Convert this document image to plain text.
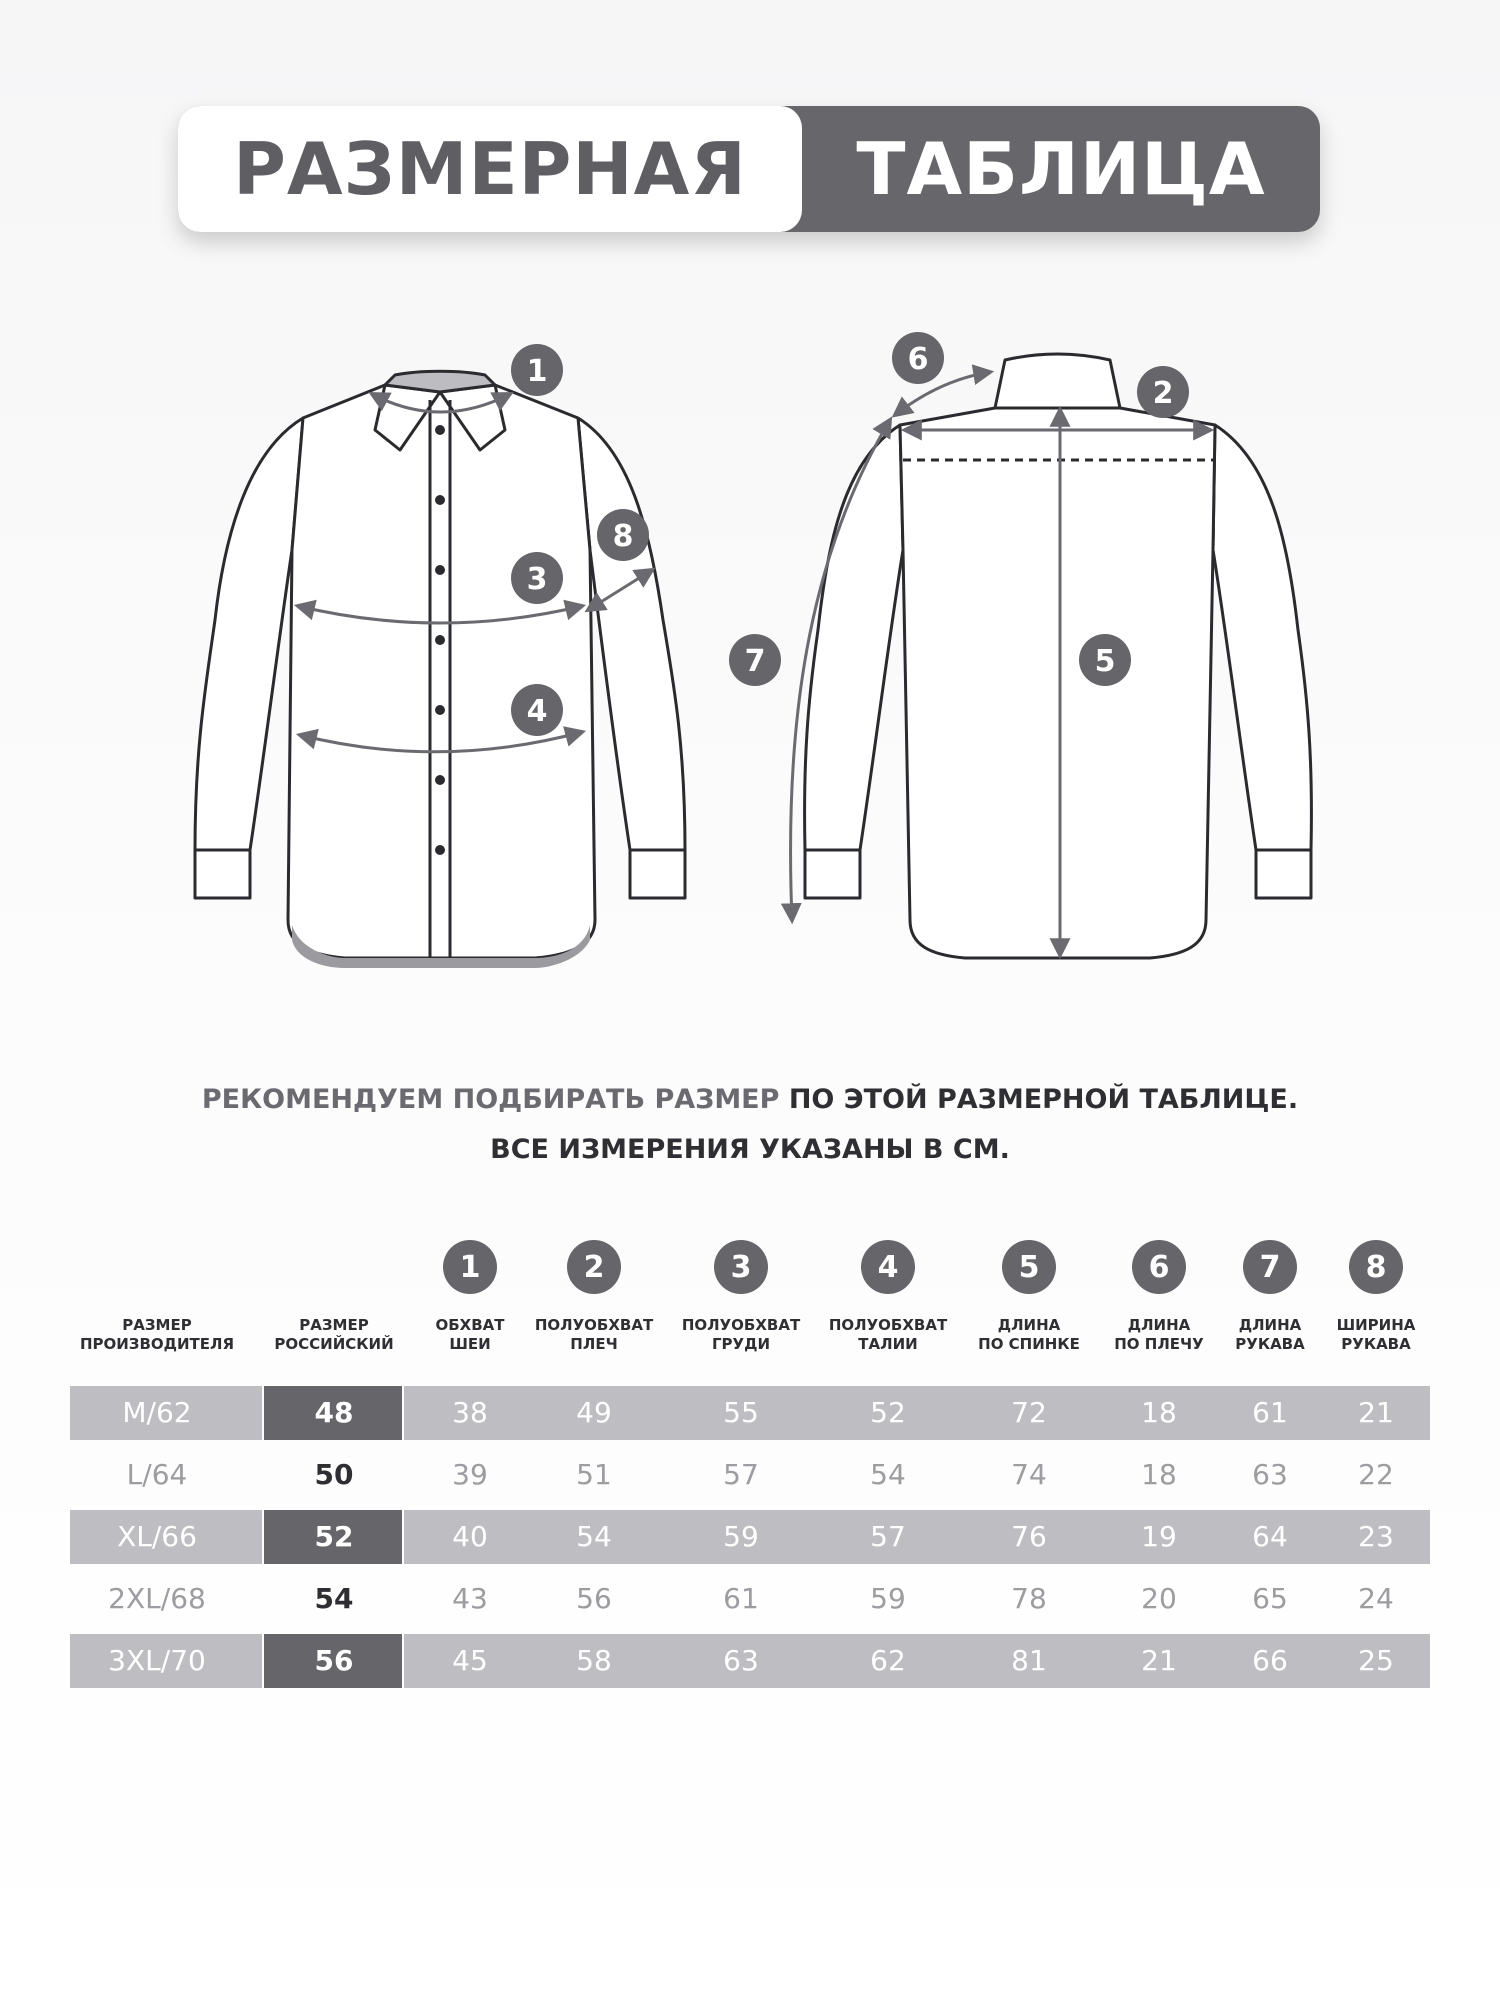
РАЗМЕРНАЯ	ТАБЛИЦА
1
3
4
8
6
2
7	5
РЕКОМЕНДУЕМ ПОДБИРАТЬ РАЗМЕР ПО ЭТОЙ РАЗМЕРНОЙ ТАБЛИЦЕ.
ВСЕ ИЗМЕРЕНИЯ УКАЗАНЫ В СМ.
1	2	3	4	5	6	7	8
РАЗМЕР
ПРОИЗВОДИТЕЛЯ
РАЗМЕР
РОССИЙСКИЙ
ОБХВАТ
ШЕИ
ПОЛУОБХВАТ
ПЛЕЧ
ПОЛУОБХВАТ
ГРУДИ
ПОЛУОБХВАТ
ТАЛИИ
ДЛИНА
ПО СПИНКЕ
ДЛИНА
ПО ПЛЕЧУ
ДЛИНА
РУКАВА
ШИРИНА
РУКАВА
M/62	48	38	49	55	52	72	18	61	21
L/64	50	39	51	57	54	74	18	63	22
XL/66	52	40	54	59	57	76	19	64	23
2XL/68	54	43	56	61	59	78	20	65	24
3XL/70	56	45	58	63	62	81	21	66	25
